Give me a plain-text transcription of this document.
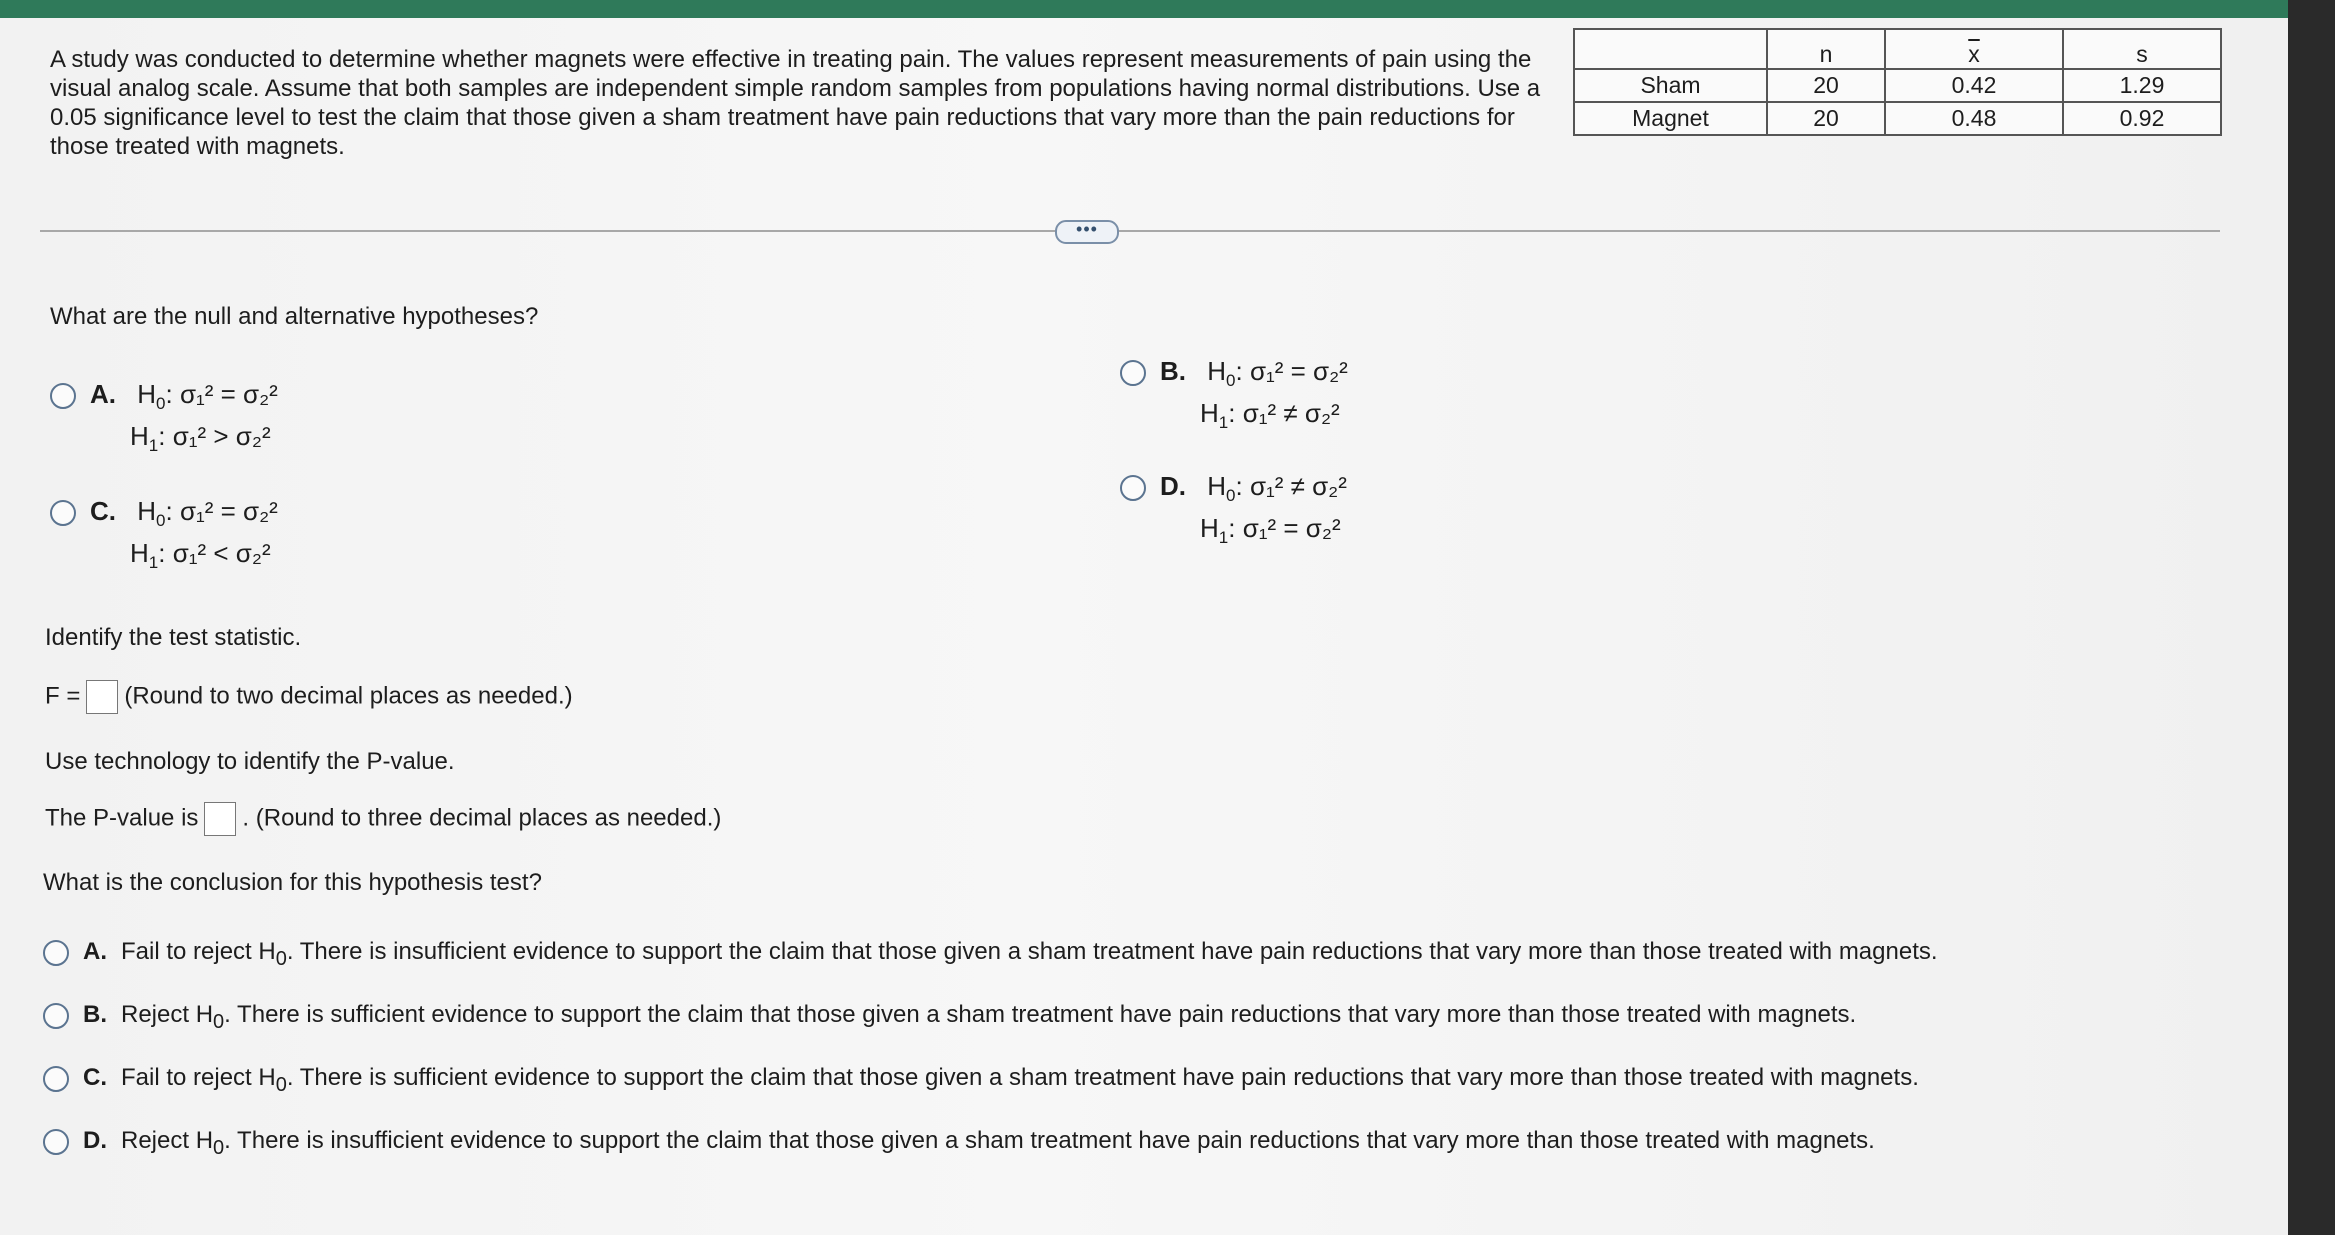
A study was conducted to determine whether magnets were effective in treating pain. The values represent measurements of pain using the visual analog scale. Assume that both samples are independent simple random samples from populations having normal distributions. Use a 0.05 significance level to test the claim that those given a sham treatment have pain reductions that vary more than the pain reductions for those treated with magnets.
	n	$\overline{x}$	s
Sham	20	0.42	1.29
Magnet	20	0.48	0.92
•••
What are the null and alternative hypotheses?
A. $H_0$: σ₁² = σ₂²
$H_1$: σ₁² > σ₂²
B. $H_0$: σ₁² = σ₂²
$H_1$: σ₁² ≠ σ₂²
C. $H_0$: σ₁² = σ₂²
$H_1$: σ₁² < σ₂²
D. $H_0$: σ₁² ≠ σ₂²
$H_1$: σ₁² = σ₂²
Identify the test statistic.
F = (Round to two decimal places as needed.)
Use technology to identify the P-value.
The P-value is . (Round to three decimal places as needed.)
What is the conclusion for this hypothesis test?
A. Fail to reject $H_0$. There is insufficient evidence to support the claim that those given a sham treatment have pain reductions that vary more than those treated with magnets.
B. Reject $H_0$. There is sufficient evidence to support the claim that those given a sham treatment have pain reductions that vary more than those treated with magnets.
C. Fail to reject $H_0$. There is sufficient evidence to support the claim that those given a sham treatment have pain reductions that vary more than those treated with magnets.
D. Reject $H_0$. There is insufficient evidence to support the claim that those given a sham treatment have pain reductions that vary more than those treated with magnets.
